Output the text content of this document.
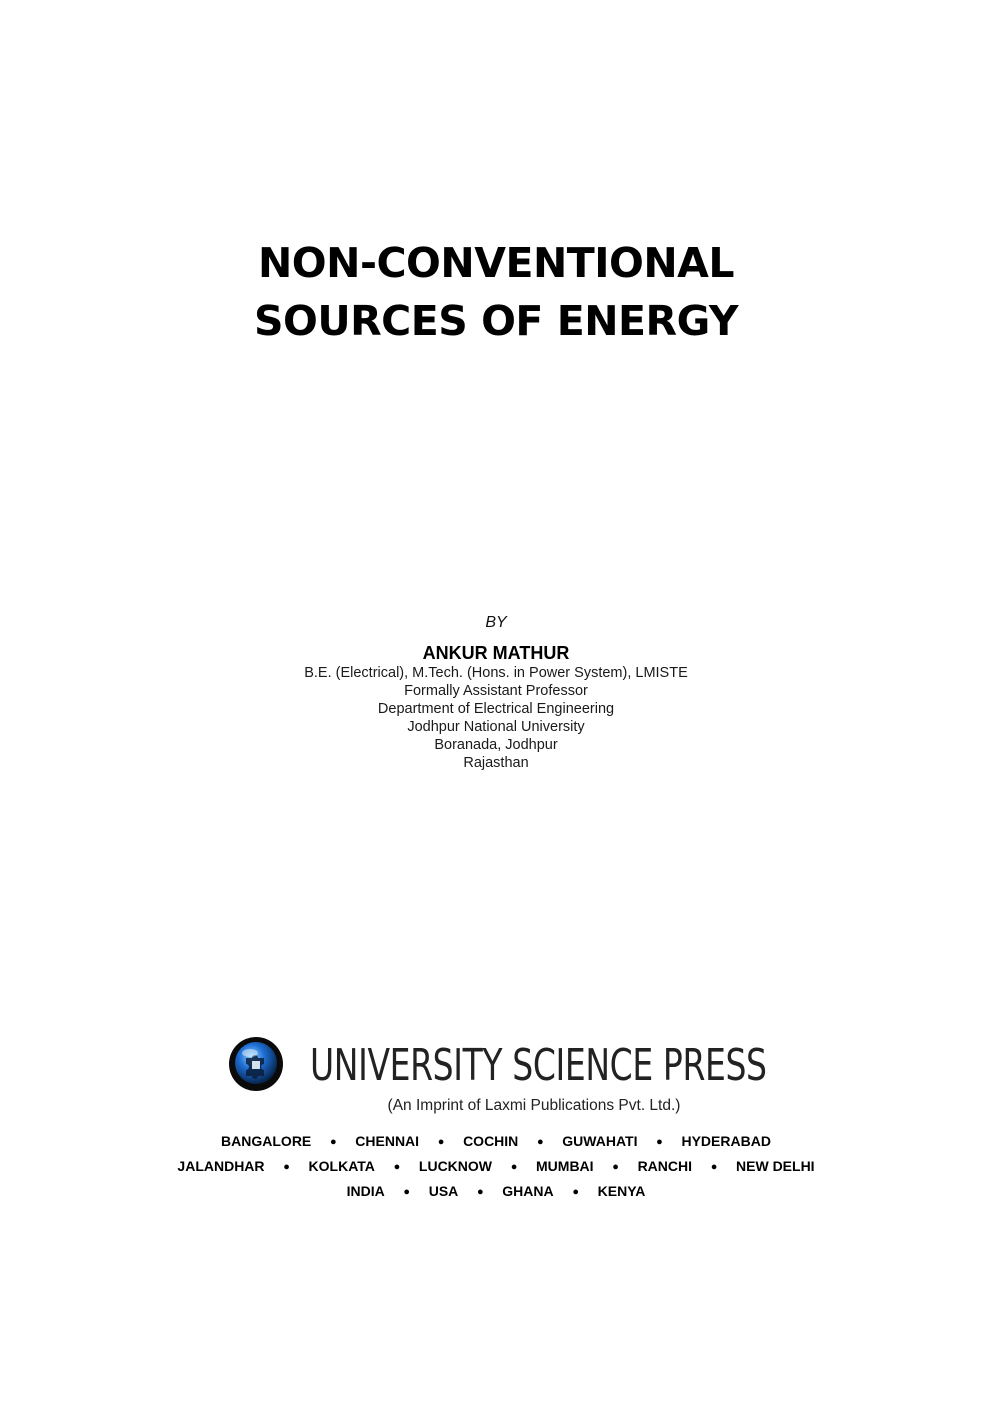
NON-CONVENTIONAL
SOURCES OF ENERGY
BY
ANKUR MATHUR
B.E. (Electrical), M.Tech. (Hons. in Power System), LMISTE
Formally Assistant Professor
Department of Electrical Engineering
Jodhpur National University
Boranada, Jodhpur
Rajasthan
UNIVERSITY SCIENCE PRESS
(An Imprint of Laxmi Publications Pvt. Ltd.)
BANGALORE ● CHENNAI ● COCHIN ● GUWAHATI ● HYDERABAD
JALANDHAR ● KOLKATA ● LUCKNOW ● MUMBAI ● RANCHI ● NEW DELHI
INDIA ● USA ● GHANA ● KENYA
